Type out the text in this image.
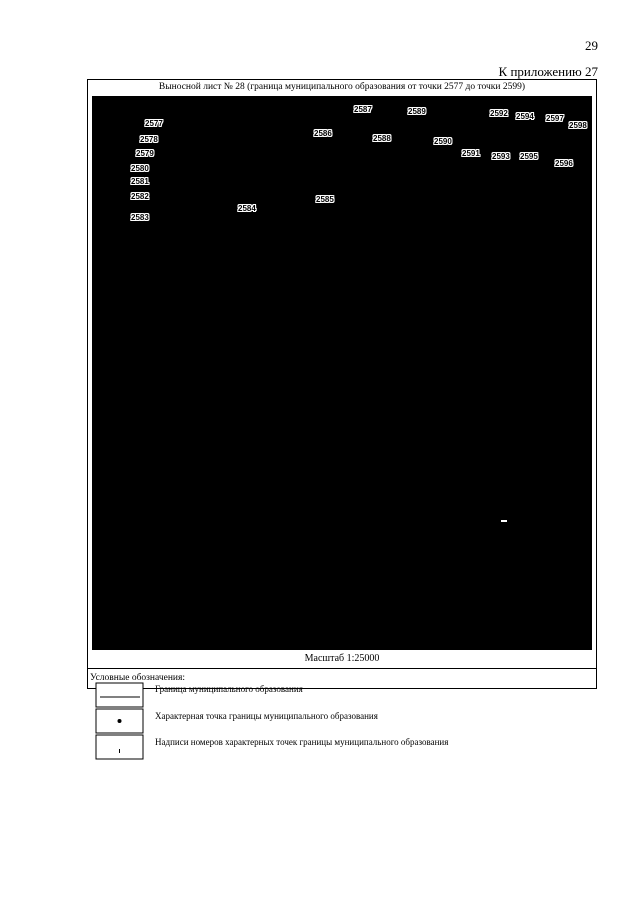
29
К приложению 27
Выносной лист № 28 (граница муниципального образования от точки 2577 до точки 2599)
2577
2578
2579
2580
2581
2582
2583
2584
2585
2586
2587
2588
2589
2590
2591
2592
2593
2594
2595
2596
2597
2598
Масштаб 1:25000
Условные обозначения:
Граница муниципального образования
Характерная точка границы муниципального образования
Надписи номеров характерных точек границы муниципального образования
